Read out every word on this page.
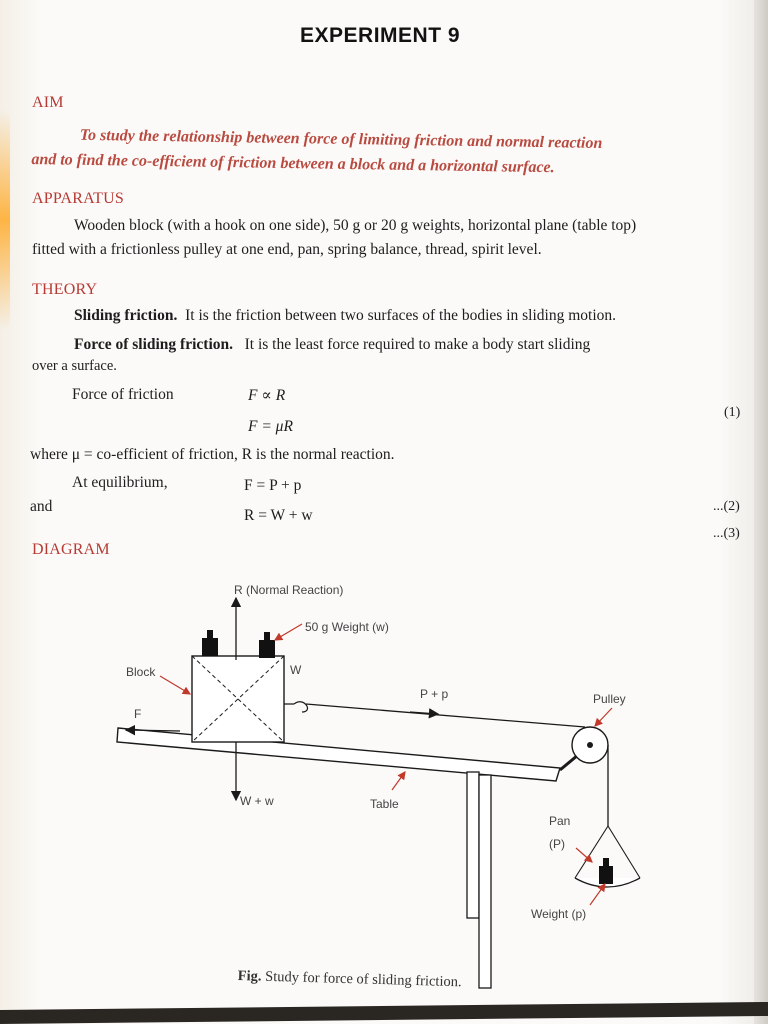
EXPERIMENT 9
AIM
To study the relationship between force of limiting friction and normal reaction
and to find the co-efficient of friction between a block and a horizontal surface.
APPARATUS
Wooden block (with a hook on one side), 50 g or 20 g weights, horizontal plane (table top)
fitted with a frictionless pulley at one end, pan, spring balance, thread, spirit level.
THEORY
Sliding friction. It is the friction between two surfaces of the bodies in sliding motion.
Force of sliding friction. It is the least force required to make a body start sliding
over a surface.
Force of friction	F ∝ R
F = μR
(1)
where μ = co-efficient of friction, R is the normal reaction.
At equilibrium,	F = P + p
and
R = W + w
...(2)
...(3)
DIAGRAM
R (Normal Reaction)
50 g Weight (w)
Block	W
F
P + p	Pulley
W + w	Table
Pan
(P)
Weight (p)
Fig. Study for force of sliding friction.
